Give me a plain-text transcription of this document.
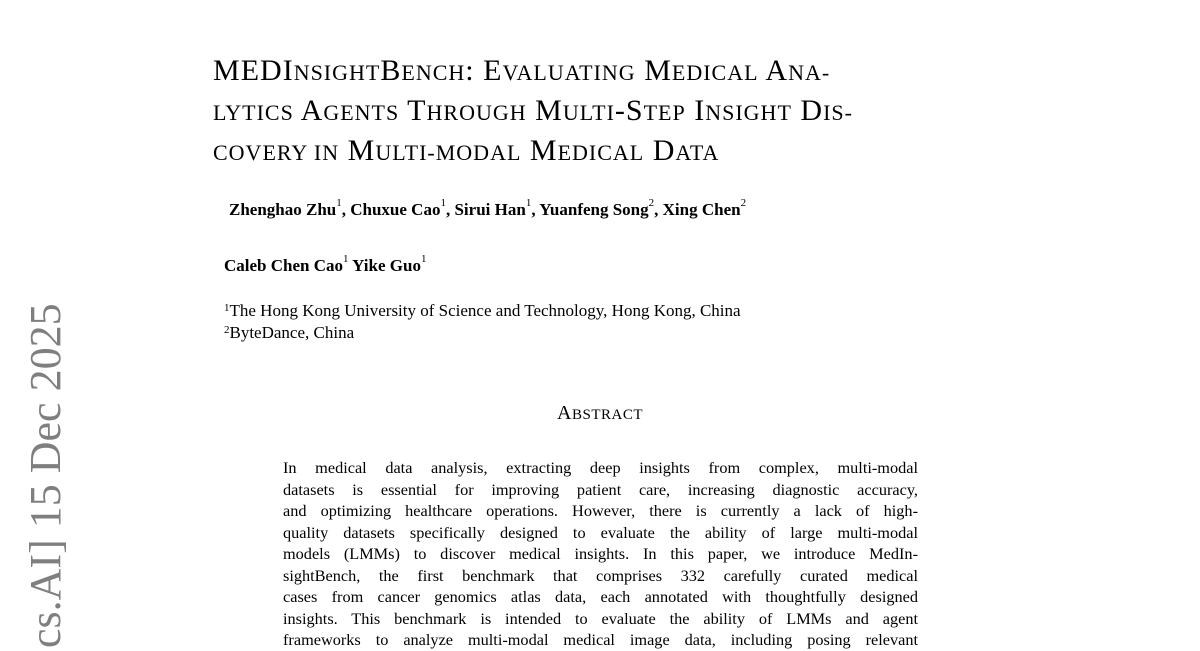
MEDINSIGHTBENCH: EVALUATING MEDICAL ANA-
LYTICS AGENTS THROUGH MULTI-STEP INSIGHT DIS-
COVERY IN MULTI-MODAL MEDICAL DATA
Zhenghao Zhu$^1$, Chuxue Cao$^1$, Sirui Han$^1$, Yuanfeng Song$^2$, Xing Chen$^2$
Caleb Chen Cao$^1$ Yike Guo$^1$
$^1$The Hong Kong University of Science and Technology, Hong Kong, China
$^2$ByteDance, China
ABSTRACT
In medical data analysis, extracting deep insights from complex, multi-modal
datasets is essential for improving patient care, increasing diagnostic accuracy,
and optimizing healthcare operations. However, there is currently a lack of high-
quality datasets specifically designed to evaluate the ability of large multi-modal
models (LMMs) to discover medical insights. In this paper, we introduce MedIn-
sightBench, the first benchmark that comprises 332 carefully curated medical
cases from cancer genomics atlas data, each annotated with thoughtfully designed
insights. This benchmark is intended to evaluate the ability of LMMs and agent
frameworks to analyze multi-modal medical image data, including posing relevant
cs.AI] 15 Dec 2025
